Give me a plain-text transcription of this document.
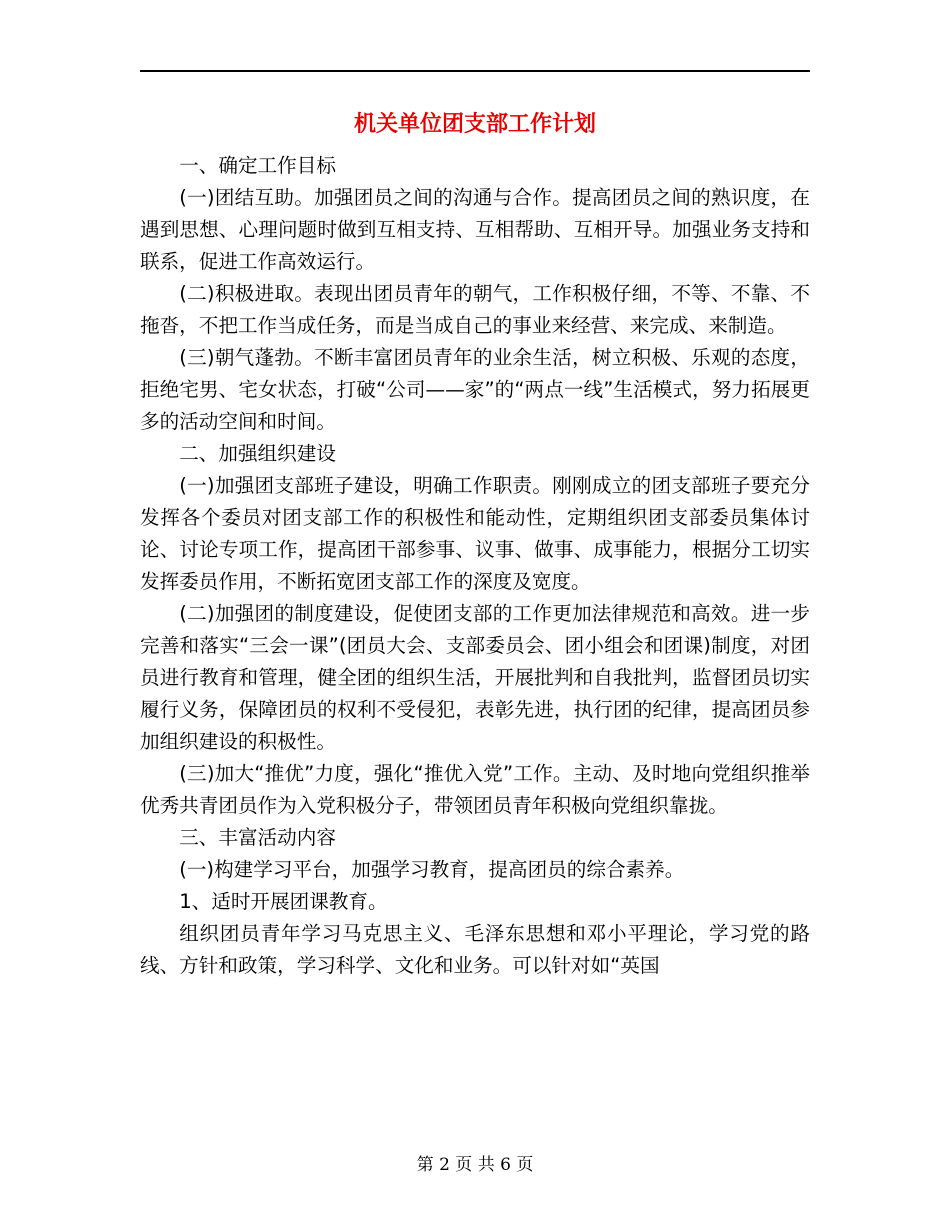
机关单位团支部工作计划

一、确定工作目标

(一)团结互助。加强团员之间的沟通与合作。提高团员之间的熟识度，在遇到思想、心理问题时做到互相支持、互相帮助、互相开导。加强业务支持和联系，促进工作高效运行。

(二)积极进取。表现出团员青年的朝气，工作积极仔细，不等、不靠、不拖沓，不把工作当成任务，而是当成自己的事业来经营、来完成、来制造。

(三)朝气蓬勃。不断丰富团员青年的业余生活，树立积极、乐观的态度，拒绝宅男、宅女状态，打破“公司——家”的“两点一线”生活模式，努力拓展更多的活动空间和时间。

二、加强组织建设

(一)加强团支部班子建设，明确工作职责。刚刚成立的团支部班子要充分发挥各个委员对团支部工作的积极性和能动性，定期组织团支部委员集体讨论、讨论专项工作，提高团干部参事、议事、做事、成事能力，根据分工切实发挥委员作用，不断拓宽团支部工作的深度及宽度。

(二)加强团的制度建设，促使团支部的工作更加法律规范和高效。进一步完善和落实“三会一课”(团员大会、支部委员会、团小组会和团课)制度，对团员进行教育和管理，健全团的组织生活，开展批判和自我批判，监督团员切实履行义务，保障团员的权利不受侵犯，表彰先进，执行团的纪律，提高团员参加组织建设的积极性。

(三)加大“推优”力度，强化“推优入党”工作。主动、及时地向党组织推举优秀共青团员作为入党积极分子，带领团员青年积极向党组织靠拢。

三、丰富活动内容

(一)构建学习平台，加强学习教育，提高团员的综合素养。

1、适时开展团课教育。

组织团员青年学习马克思主义、毛泽东思想和邓小平理论，学习党的路线、方针和政策，学习科学、文化和业务。可以针对如“英国

第 2 页 共 6 页
